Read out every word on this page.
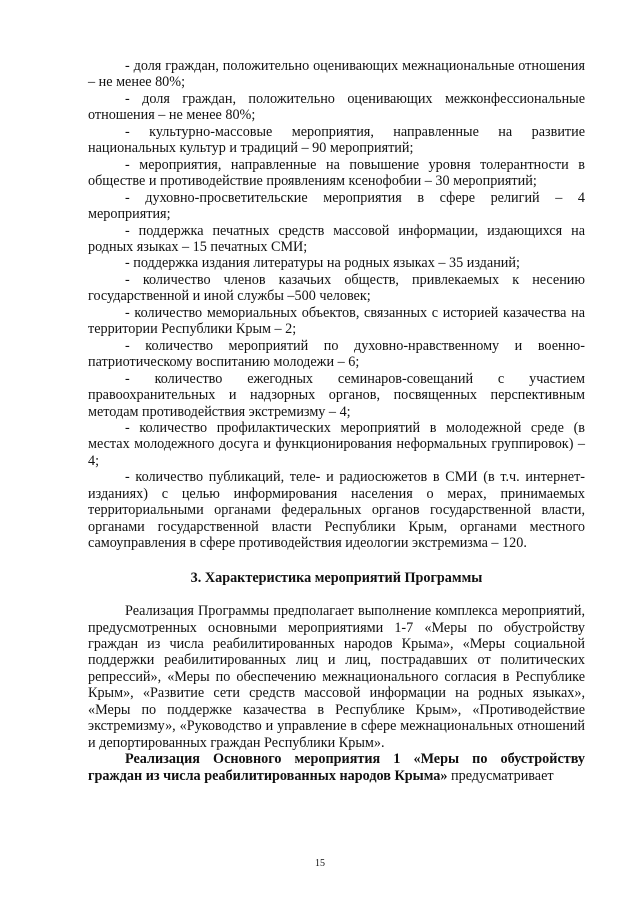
- доля граждан, положительно оценивающих межнациональные отношения – не менее 80%;

- доля граждан, положительно оценивающих межконфессиональные отношения – не менее 80%;

- культурно-массовые мероприятия, направленные на развитие национальных культур и традиций – 90 мероприятий;

- мероприятия, направленные на повышение уровня толерантности в обществе и противодействие проявлениям ксенофобии – 30 мероприятий;

- духовно-просветительские мероприятия в сфере религий – 4 мероприятия;

- поддержка печатных средств массовой информации, издающихся на родных языках – 15 печатных СМИ;

- поддержка издания литературы на родных языках – 35 изданий;

- количество членов казачьих обществ, привлекаемых к несению государственной и иной службы –500 человек;

- количество мемориальных объектов, связанных с историей казачества на территории Республики Крым – 2;

- количество мероприятий по духовно-нравственному и военно-патриотическому воспитанию молодежи – 6;

- количество ежегодных семинаров-совещаний с участием правоохранительных и надзорных органов, посвященных перспективным методам противодействия экстремизму – 4;

- количество профилактических мероприятий в молодежной среде (в местах молодежного досуга и функционирования неформальных группировок) – 4;

- количество публикаций, теле- и радиосюжетов в СМИ (в т.ч. интернет-изданиях) с целью информирования населения о мерах, принимаемых территориальными органами федеральных органов государственной власти, органами государственной власти Республики Крым, органами местного самоуправления в сфере противодействия идеологии экстремизма – 120.

3. Характеристика мероприятий Программы

Реализация Программы предполагает выполнение комплекса мероприятий, предусмотренных основными мероприятиями 1-7 «Меры по обустройству граждан из числа реабилитированных народов Крыма», «Меры социальной поддержки реабилитированных лиц и лиц, пострадавших от политических репрессий», «Меры по обеспечению межнационального согласия в Республике Крым», «Развитие сети средств массовой информации на родных языках», «Меры по поддержке казачества в Республике Крым», «Противодействие экстремизму», «Руководство и управление в сфере межнациональных отношений и депортированных граждан Республики Крым».

Реализация Основного мероприятия 1 «Меры по обустройству граждан из числа реабилитированных народов Крыма» предусматривает

15
